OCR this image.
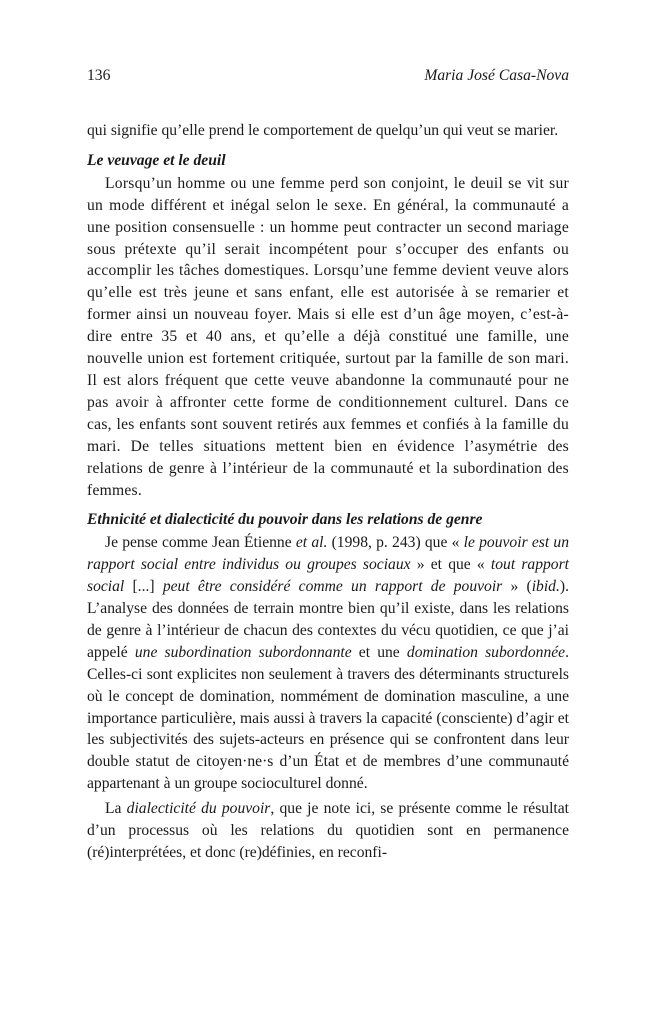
136	Maria José Casa-Nova

qui signifie qu’elle prend le comportement de quelqu’un qui veut se marier.

Le veuvage et le deuil

Lorsqu’un homme ou une femme perd son conjoint, le deuil se vit sur un mode différent et inégal selon le sexe. En général, la communauté a une position consensuelle : un homme peut contracter un second mariage sous prétexte qu’il serait incompétent pour s’occuper des enfants ou accomplir les tâches domestiques. Lorsqu’une femme devient veuve alors qu’elle est très jeune et sans enfant, elle est autorisée à se remarier et former ainsi un nouveau foyer. Mais si elle est d’un âge moyen, c’est-à-dire entre 35 et 40 ans, et qu’elle a déjà constitué une famille, une nouvelle union est fortement critiquée, surtout par la famille de son mari. Il est alors fréquent que cette veuve abandonne la communauté pour ne pas avoir à affronter cette forme de conditionnement culturel. Dans ce cas, les enfants sont souvent retirés aux femmes et confiés à la famille du mari. De telles situations mettent bien en évidence l’asymétrie des relations de genre à l’intérieur de la communauté et la subordination des femmes.

Ethnicité et dialecticité du pouvoir dans les relations de genre

Je pense comme Jean Étienne et al. (1998, p. 243) que « le pouvoir est un rapport social entre individus ou groupes sociaux » et que « tout rapport social [...] peut être considéré comme un rapport de pouvoir » (ibid.). L’analyse des données de terrain montre bien qu’il existe, dans les relations de genre à l’intérieur de chacun des contextes du vécu quotidien, ce que j’ai appelé une subordination subordonnante et une domination subordonnée. Celles-ci sont explicites non seulement à travers des déterminants structurels où le concept de domination, nommément de domination masculine, a une importance particulière, mais aussi à travers la capacité (consciente) d’agir et les subjectivités des sujets-acteurs en présence qui se confrontent dans leur double statut de citoyen·ne·s d’un État et de membres d’une communauté appartenant à un groupe socioculturel donné.

La dialecticité du pouvoir, que je note ici, se présente comme le résultat d’un processus où les relations du quotidien sont en permanence (ré)interprétées, et donc (re)définies, en reconfi-
